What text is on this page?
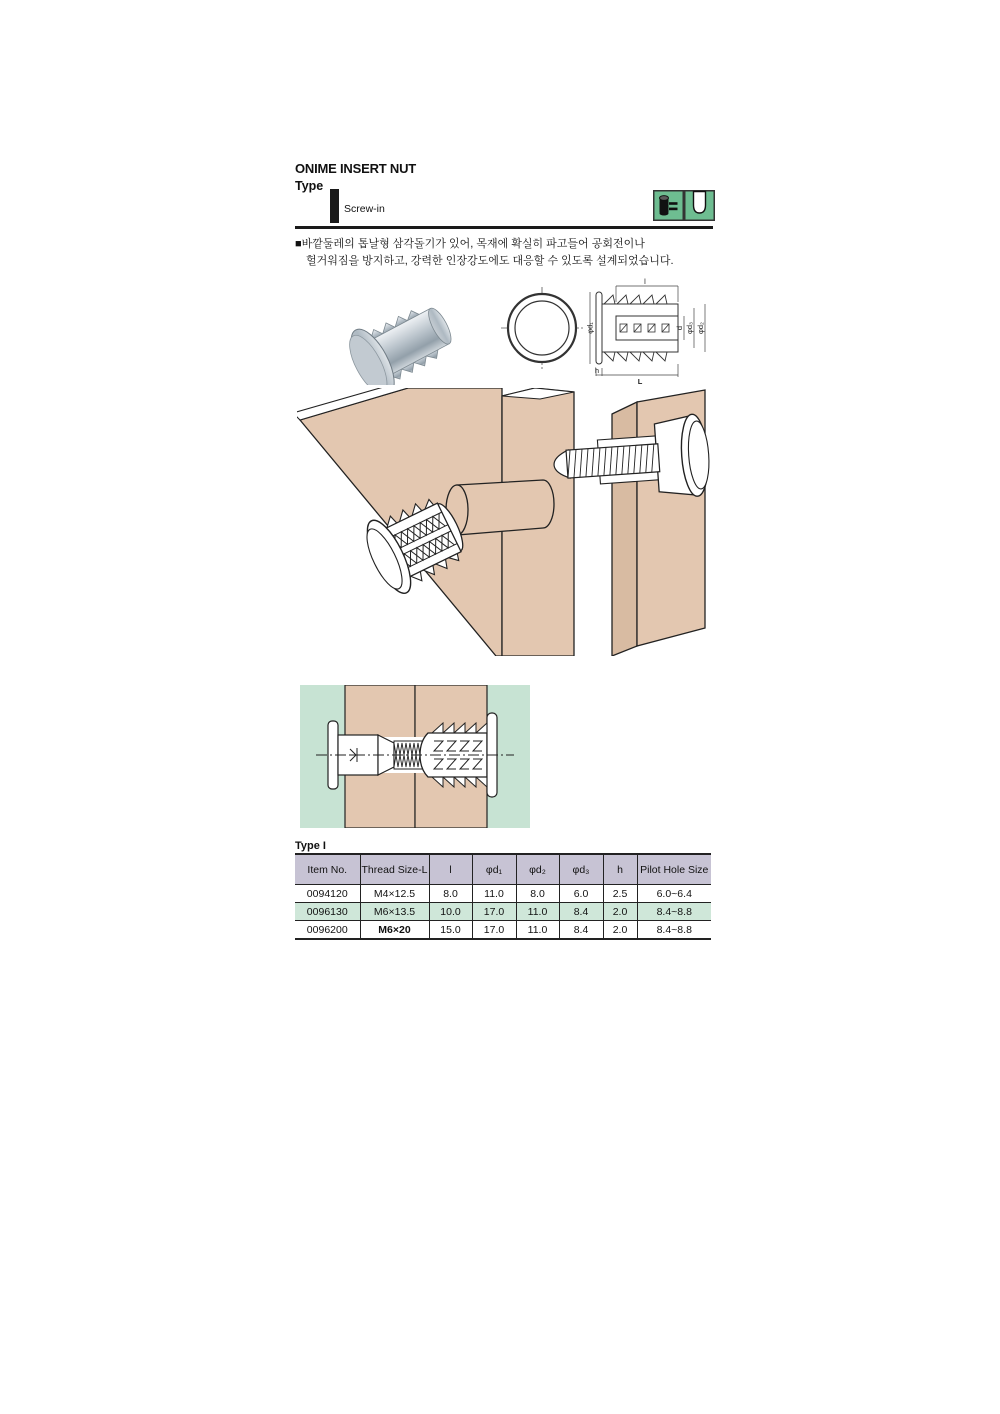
ONIME INSERT NUT
Type
Screw-in
■바깥둘레의 톱날형 삼각돌기가 있어, 목재에 확실히 파고들어 공회전이나
헐거워짐을 방지하고, 강력한 인장강도에도 대응할 수 있도록 설계되었습니다.
l
φd₁	d φd₃ φd₂
h
L
Type I
Item No.	Thread Size-L	l	φd₁	φd₂	φd₃	h	Pilot Hole Size
0094120	M4×12.5	8.0	11.0	8.0	6.0	2.5	6.0~6.4
0096130	M6×13.5	10.0	17.0	11.0	8.4	2.0	8.4~8.8
0096200	M6×20	15.0	17.0	11.0	8.4	2.0	8.4~8.8
